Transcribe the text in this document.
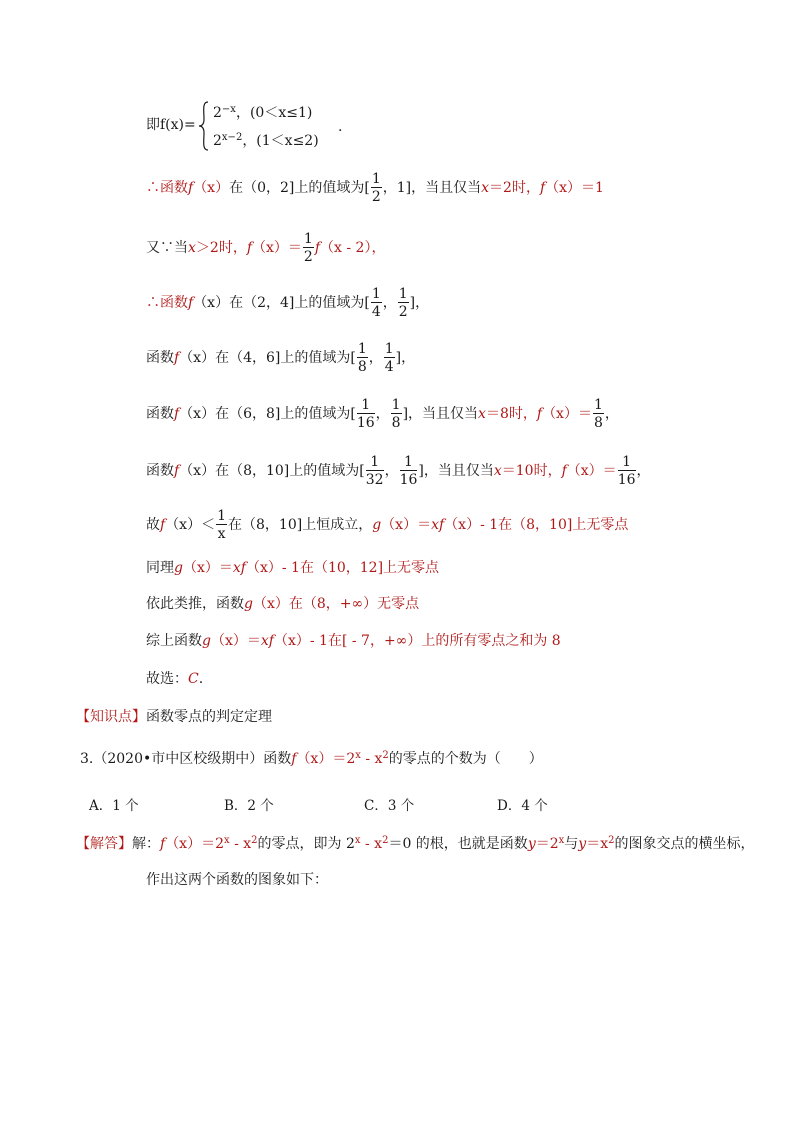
即f(x)=
$2^{-x}$，(0＜x≤1)
$2^{x-2}$，(1＜x≤2)
.
∴函数f（x）在（0，2]上的值域为[ $\frac{1}{2}$ ，1]，当且仅当x＝2时，f（x）＝1
又∵当x＞2时，$f(x)= \frac{1}{2} f(x - 2)$，
∴函数f（x）在（2，4]上的值域为[ $\frac{1}{4}$ ， $\frac{1}{2}$ ]，
函数f（x）在（4，6]上的值域为[ $\frac{1}{8}$ ， $\frac{1}{4}$ ]，
函数f（x）在（6，8]上的值域为[ $\frac{1}{16}$ ， $\frac{1}{8}$ ]，当且仅当x＝8时，$f(x)= \frac{1}{8}$ ，
函数f（x）在（8，10]上的值域为[ $\frac{1}{32}$ ， $\frac{1}{16}$ ]，当且仅当x＝10时，$f(x)= \frac{1}{16}$ ，
故$f(x)< \frac{1}{x}$ 在（8，10]上恒成立，g（x）＝xf（x）- 1在（8，10]上无零点
同理g（x）＝xf（x）- 1在（10，12]上无零点
依此类推，函数g（x）在（8，+∞）无零点
综上函数g（x）＝xf（x）- 1在[ - 7，+∞）上的所有零点之和为 8
故选：C.
【知识点】函数零点的判定定理
3.（2020•市中区校级期中）函数$f(x)=2^x - x^2$的零点的个数为（　　）
A．1 个	B．2 个	C．3 个	D．4 个
【解答】解：$f(x)=2^x - x^2$的零点，即为 $2^x - x^2=0$ 的根，也就是函数$y=2^x$与$y=x^2$的图象交点的横坐标，
作出这两个函数的图象如下：
